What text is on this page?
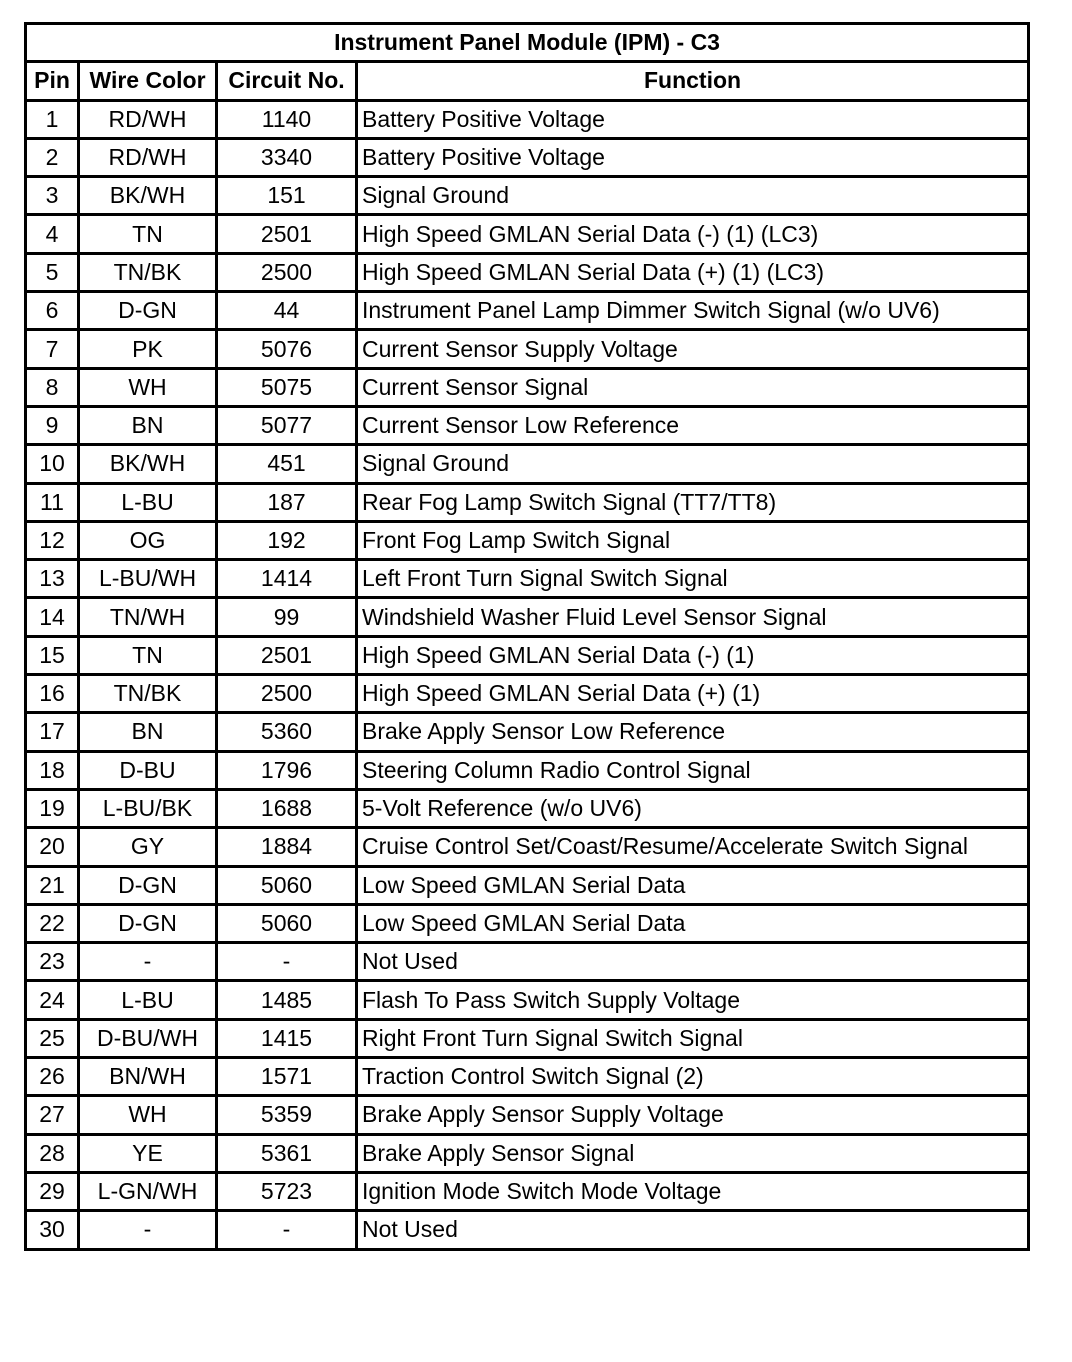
Instrument Panel Module (IPM) - C3			
Pin	Wire Color	Circuit No.	Function
1	RD/WH	1140	Battery Positive Voltage
2	RD/WH	3340	Battery Positive Voltage
3	BK/WH	151	Signal Ground
4	TN	2501	High Speed GMLAN Serial Data (-) (1) (LC3)
5	TN/BK	2500	High Speed GMLAN Serial Data (+) (1) (LC3)
6	D-GN	44	Instrument Panel Lamp Dimmer Switch Signal (w/o UV6)
7	PK	5076	Current Sensor Supply Voltage
8	WH	5075	Current Sensor Signal
9	BN	5077	Current Sensor Low Reference
10	BK/WH	451	Signal Ground
11	L-BU	187	Rear Fog Lamp Switch Signal (TT7/TT8)
12	OG	192	Front Fog Lamp Switch Signal
13	L-BU/WH	1414	Left Front Turn Signal Switch Signal
14	TN/WH	99	Windshield Washer Fluid Level Sensor Signal
15	TN	2501	High Speed GMLAN Serial Data (-) (1)
16	TN/BK	2500	High Speed GMLAN Serial Data (+) (1)
17	BN	5360	Brake Apply Sensor Low Reference
18	D-BU	1796	Steering Column Radio Control Signal
19	L-BU/BK	1688	5-Volt Reference (w/o UV6)
20	GY	1884	Cruise Control Set/Coast/Resume/Accelerate Switch Signal
21	D-GN	5060	Low Speed GMLAN Serial Data
22	D-GN	5060	Low Speed GMLAN Serial Data
23	-	-	Not Used
24	L-BU	1485	Flash To Pass Switch Supply Voltage
25	D-BU/WH	1415	Right Front Turn Signal Switch Signal
26	BN/WH	1571	Traction Control Switch Signal (2)
27	WH	5359	Brake Apply Sensor Supply Voltage
28	YE	5361	Brake Apply Sensor Signal
29	L-GN/WH	5723	Ignition Mode Switch Mode Voltage
30	-	-	Not Used
